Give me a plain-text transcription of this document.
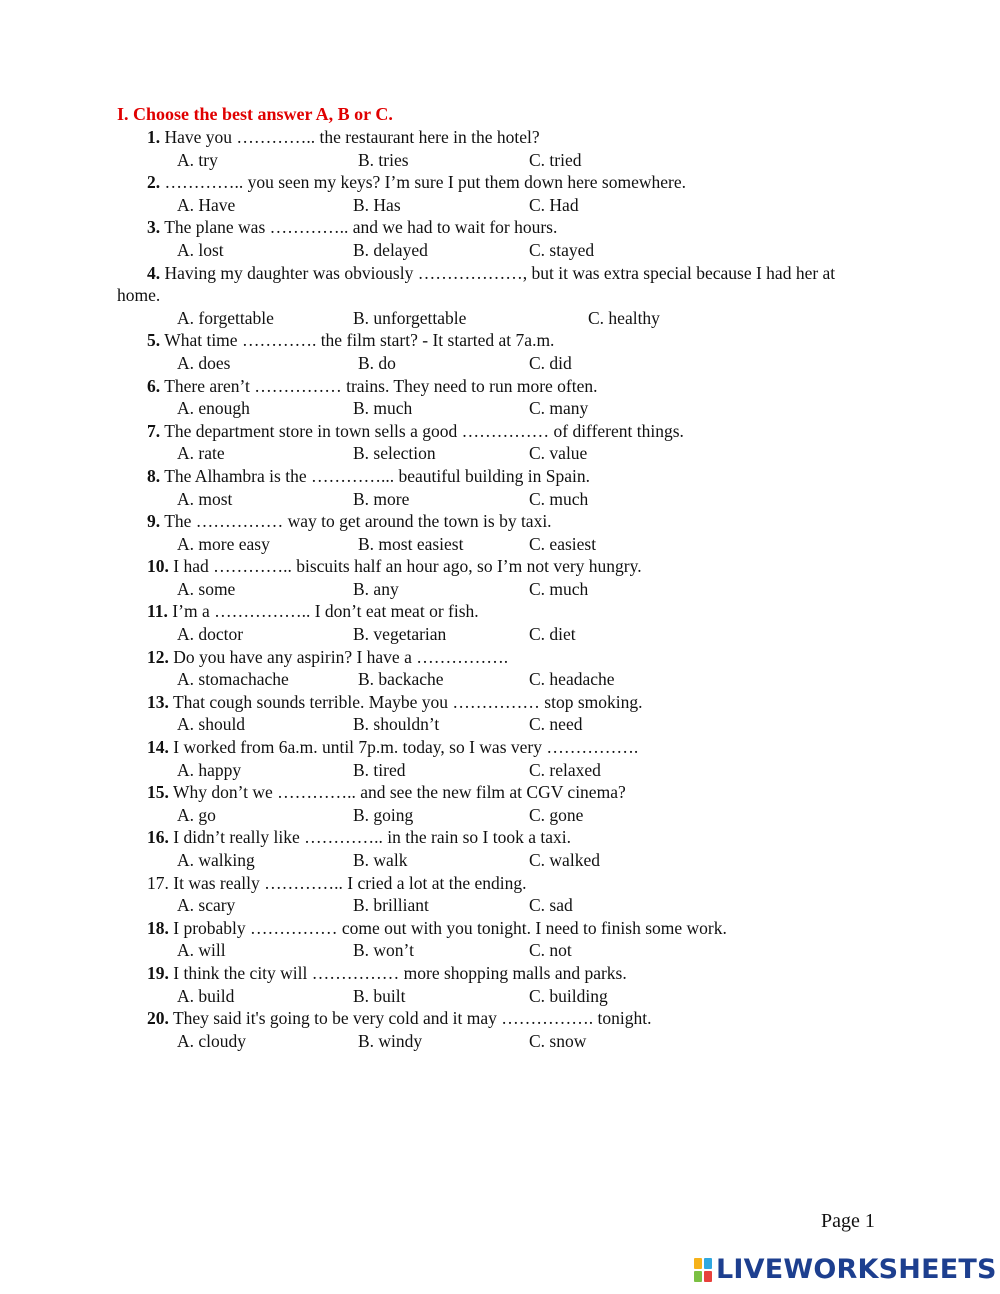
I. Choose the best answer A, B or C.
1. Have you ………….. the restaurant here in the hotel?
A. try	B. tries	C. tried
2. ………….. you seen my keys? I’m sure I put them down here somewhere.
A. Have	B. Has	C. Had
3. The plane was ………….. and we had to wait for hours.
A. lost	B. delayed	C. stayed
4. Having my daughter was obviously ………………, but it was extra special because I had her at home.
A. forgettable	B. unforgettable	C. healthy
5. What time …………. the film start? - It started at 7a.m.
A. does	B. do	C. did
6. There aren’t …………… trains. They need to run more often.
A. enough	B. much	C. many
7. The department store in town sells a good …………… of different things.
A. rate	B. selection	C. value
8. The Alhambra is the …………... beautiful building in Spain.
A. most	B. more	C. much
9. The …………… way to get around the town is by taxi.
A. more easy	B. most easiest	C. easiest
10. I had ………….. biscuits half an hour ago, so I’m not very hungry.
A. some	B. any	C. much
11. I’m a …………….. I don’t eat meat or fish.
A. doctor	B. vegetarian	C. diet
12. Do you have any aspirin? I have a …………….
A. stomachache	B. backache	C. headache
13. That cough sounds terrible. Maybe you …………… stop smoking.
A. should	B. shouldn’t	C. need
14. I worked from 6a.m. until 7p.m. today, so I was very …………….
A. happy	B. tired	C. relaxed
15. Why don’t we ………….. and see the new film at CGV cinema?
A. go	B. going	C. gone
16. I didn’t really like ………….. in the rain so I took a taxi.
A. walking	B. walk	C. walked
17. It was really ………….. I cried a lot at the ending.
A. scary	B. brilliant	C. sad
18. I probably …………… come out with you tonight. I need to finish some work.
A. will	B. won’t	C. not
19. I think the city will …………… more shopping malls and parks.
A. build	B. built	C. building
20. They said it's going to be very cold and it may ……………. tonight.
A. cloudy	B. windy	C. snow
Page 1
LIVEWORKSHEETS
